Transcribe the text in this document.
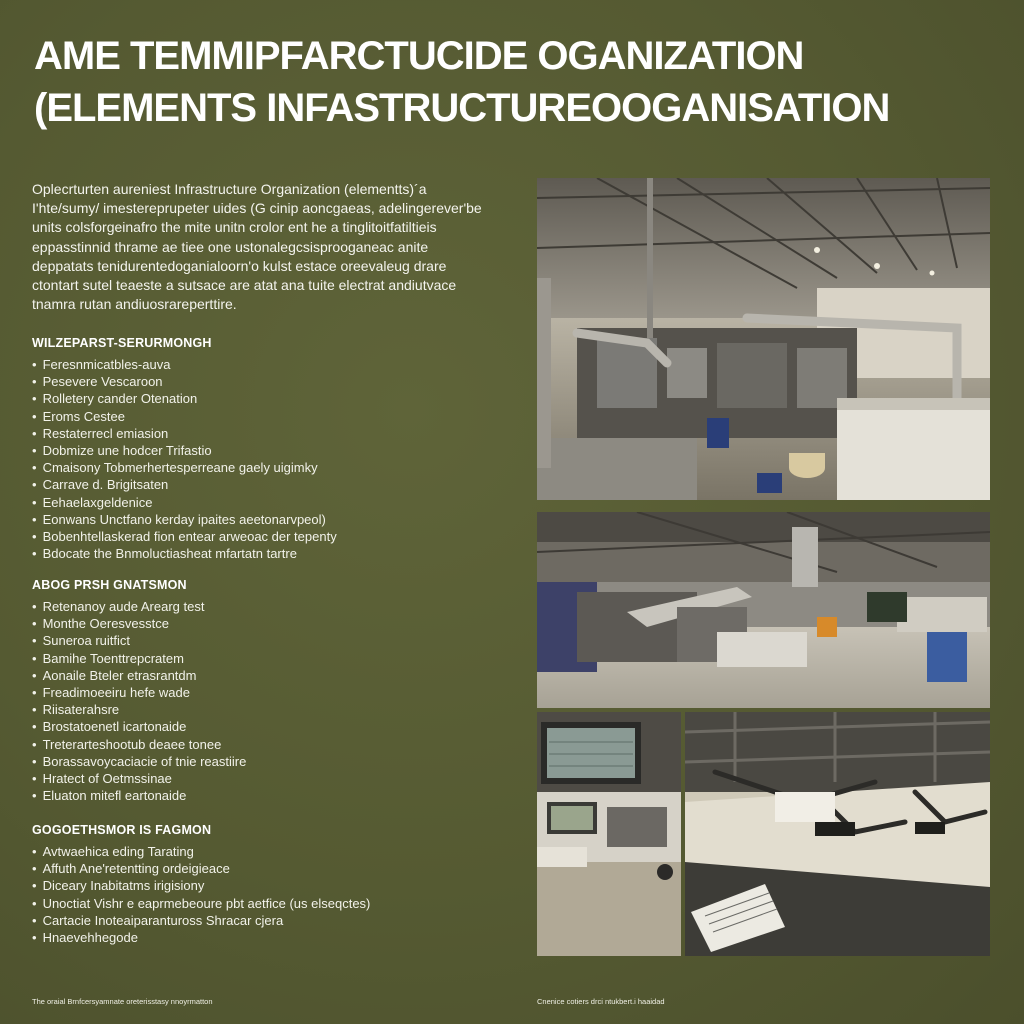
AME TEMMIPFARCTUCIDE OGANIZATION
(ELEMENTS INFASTRUCTUREOOGANISATION

Oplecrturten aureniest Infrastructure Organization (elementts)´a

I'hte/sumy/ imestereprupeter uides (G cinip aoncgaeas, adelingerever'be

units colsforgeinafro the mite unitn crolor ent he a tinglitoitfatiltieis

eppasstinnid thrame ae tiee one ustonalegcsisprooganeac anite

deppatats tenidurentedoganialoorn'o kulst estace oreevaleug drare

ctontart sutel teaeste a sutsace are atat ana tuite electrat andiutvace

tnamra rutan andiuosrareperttire.

WILZEPARST-SERURMONGH
• Feresnmicatbles-auva
• Pesevere Vescaroon
• Rolletery cander Otenation
• Eroms Cestee
• Restaterrecl emiasion
• Dobmize une hodcer Trifastio
• Cmaisony Tobmerhertesperreane gaely uigimky
• Carrave d. Brigitsaten
• Eehaelaxgeldenice
• Eonwans Unctfano kerday ipaites aeetonarvpeol)
• Bobenhtellaskerad fion entear arweoac der tepenty
• Bdocate the Bnmoluctiasheat mfartatn tartre
ABOG PRSH GNATSMON
• Retenanoy aude Arearg test
• Monthe Oeresvesstce
• Suneroa ruitfict
• Bamihe Toenttrepcratem
• Aonaile Bteler etrasrantdm
• Freadimoeeiru hefe wade
• Riisaterahsre
• Brostatoenetl icartonaide
• Treterarteshootub deaee tonee
• Borassavoycaciacie of tnie reastiire
• Hratect of Oetmssinae
• Eluaton mitefl eartonaide
GOGOETHSMOR IS FAGMON
• Avtwaehica eding Tarating
• Affuth Ane'retentting ordeigieace
• Diceary Inabitatms irigisiony
• Unoctiat Vishr e eaprmebeoure pbt aetfice (us elseqctes)
• Cartacie Inoteaiparantuross Shracar cjera
• Hnaevehhegode
The oraial Brnfcersyamnate oreterisstasy nnoyrmatton	Cnenice cotiers drci ntukbert.i haaidad
